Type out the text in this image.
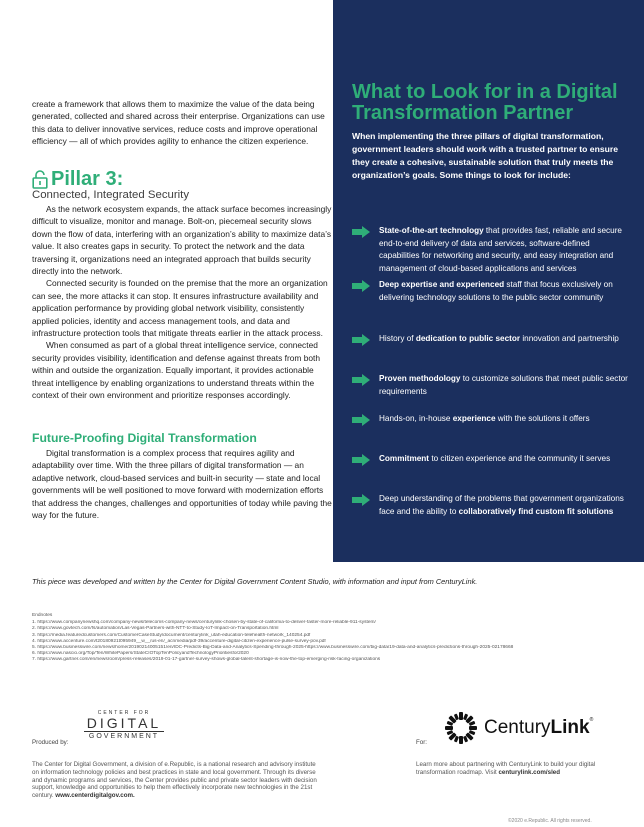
What to Look for in a Digital Transformation Partner
When implementing the three pillars of digital transformation, government leaders should work with a trusted partner to ensure they create a cohesive, sustainable solution that truly meets the organization’s goals. Some things to look for include:
State-of-the-art technology that provides fast, reliable and secure end-to-end delivery of data and services, software-defined capabilities for networking and security, and easy integration and management of cloud-based applications and services
Deep expertise and experienced staff that focus exclusively on delivering technology solutions to the public sector community
History of dedication to public sector innovation and partnership
Proven methodology to customize solutions that meet public sector requirements
Hands-on, in-house experience with the solutions it offers
Commitment to citizen experience and the community it serves
Deep understanding of the problems that government organizations face and the ability to collaboratively find custom fit solutions

create a framework that allows them to maximize the value of the data being generated, collected and shared across their enterprise. Organizations can use this data to deliver innovative services, reduce costs and improve operational efficiency — all of which provides agility to enhance the citizen experience.

Pillar 3:
Connected, Integrated Security

As the network ecosystem expands, the attack surface becomes increasingly difficult to visualize, monitor and manage. Bolt-on, piecemeal security slows down the flow of data, interfering with an organization’s ability to maximize data’s value. It also creates gaps in security. To protect the network and the data traversing it, organizations need an integrated approach that builds security directly into the network.

Connected security is founded on the premise that the more an organization can see, the more attacks it can stop. It ensures infrastructure availability and application performance by providing global network visibility, consistently applied policies, identity and access management tools, and data and infrastructure protection tools that mitigate threats earlier in the attack process.

When consumed as part of a global threat intelligence service, connected security provides visibility, identification and defense against threats from both within and outside the organization. Equally important, it provides actionable threat intelligence by enabling organizations to understand threats within the context of their own environment and prioritize responses accordingly.

Future-Proofing Digital Transformation

Digital transformation is a complex process that requires agility and adaptability over time. With the three pillars of digital transformation — an adaptive network, cloud-based services and built-in security — state and local governments will be well positioned to move forward with modernization efforts that address the changes, challenges and opportunities of today while paving the way for the future.

This piece was developed and written by the Center for Digital Government Content Studio, with information and input from CenturyLink.
Endnotes
1. https://www.companynewshq.com/company-news/telecoms-company-news/centurylink-chosen-by-state-of-california-to-deliver-faster-more-reliable-911-system/
2. https://www.govtech.com/fs/automation/Las-Vegas-Partners-with-NTT-to-Study-IoT-Impact-on-Transportation.html
3. https://media.featuredcustomers.com/CustomerCaseStudy/document/centurylink_utah-education-telehealth-network_140254.pdf
4. https://www.accenture.com/t20180921t095949__w__/us-en/_acnmedia/pdf-39/accenture-digital-citizen-experience-pulse-survey-pov.pdf
5. https://www.businesswire.com/news/home/20190214005151/en/IDC-Predicts-Big-Data-and-Analytics-Spending-through-2025-https://www.businesswire.com/big-data/19-data-and-analytics-predictions-through-2025-02178668
6. https://www.nascio.org/Top/Ten/WhitePapers/StateCIOTopTenPolicyandTechnologyPrioritiesfor2020
7. https://www.gartner.com/en/newsroom/press-releases/2019-01-17-gartner-survey-shows-global-talent-shortage-is-now-the-top-emerging-risk-facing-organizations
Produced by:
CENTER FOR
DIGITAL
GOVERNMENT
The Center for Digital Government, a division of e.Republic, is a national research and advisory institute on information technology policies and best practices in state and local government. Through its diverse and dynamic programs and services, the Center provides public and private sector leaders with decision support, knowledge and opportunities to help them effectively incorporate new technologies in the 21st century. www.centerdigitalgov.com.
For:
CenturyLink®
Learn more about partnering with CenturyLink to build your digital transformation roadmap. Visit centurylink.com/sled
©2020 e.Republic. All rights reserved.
